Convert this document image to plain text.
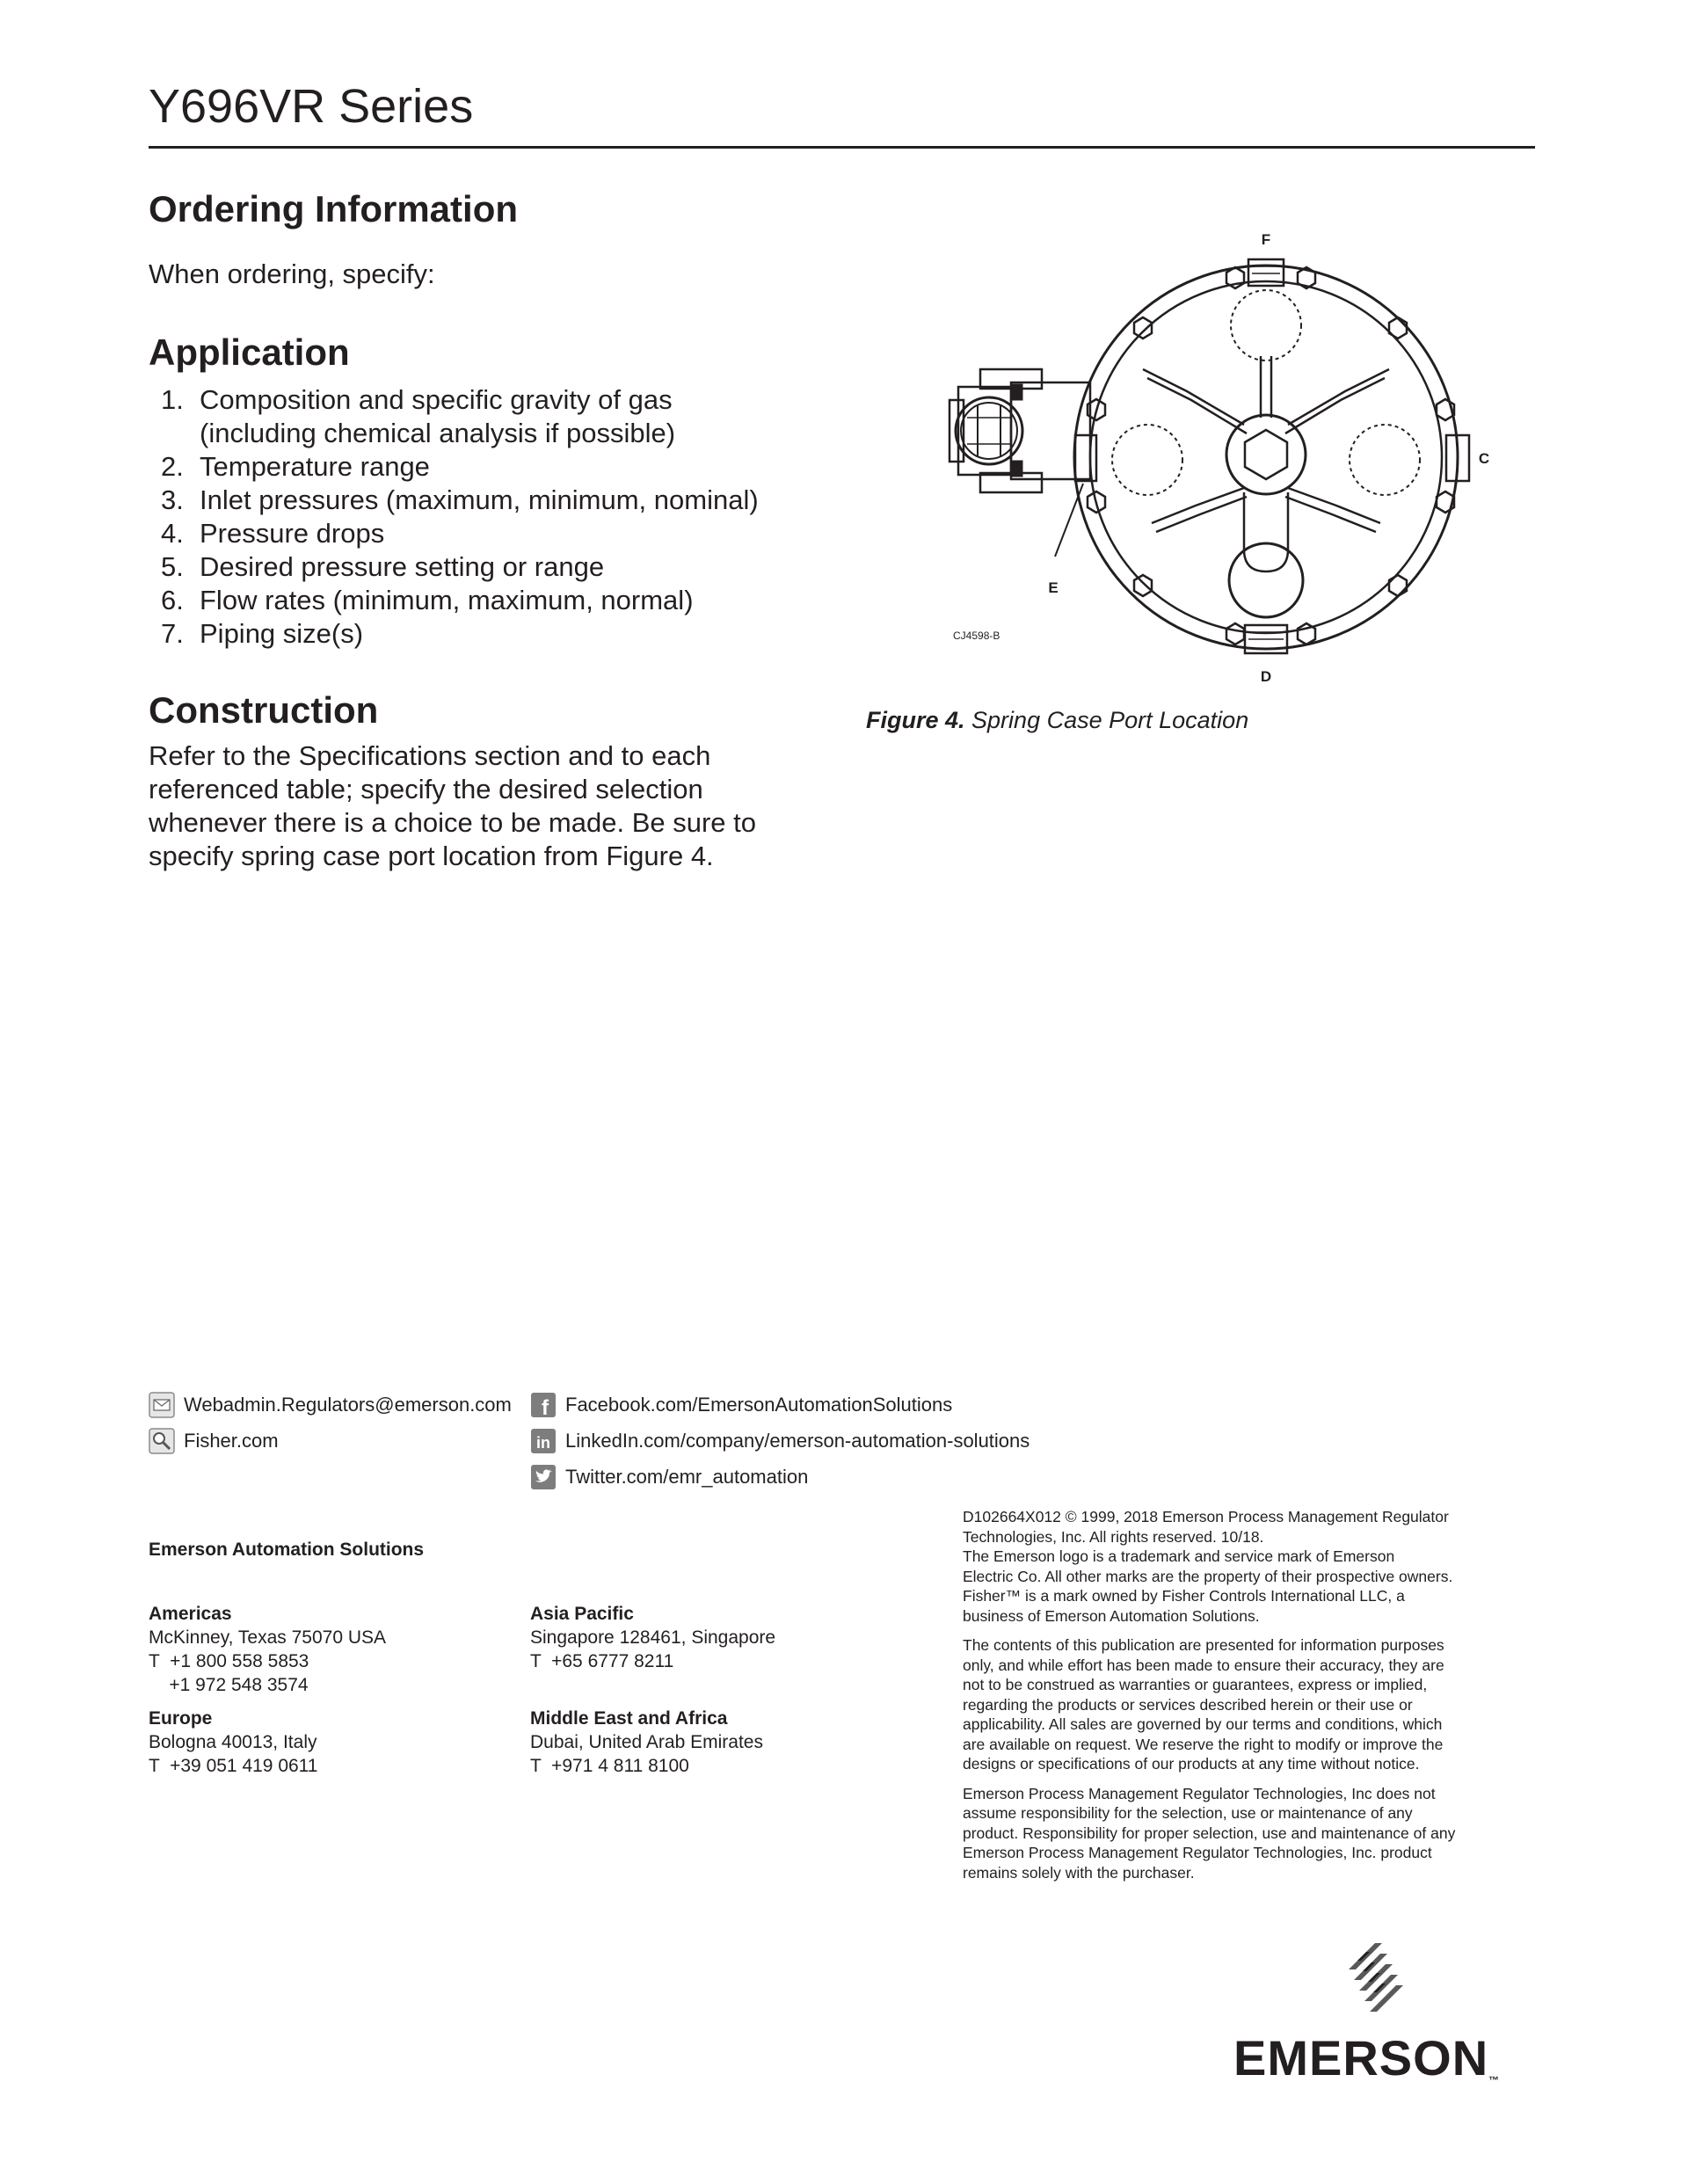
Y696VR Series
Ordering Information

When ordering, specify:

Application
1. Composition and specific gravity of gas
(including chemical analysis if possible)
2. Temperature range
3. Inlet pressures (maximum, minimum, nominal)
4. Pressure drops
5. Desired pressure setting or range
6. Flow rates (minimum, maximum, normal)
7. Piping size(s)
Construction

Refer to the Specifications section and to each
referenced table; specify the desired selection
whenever there is a choice to be made. Be sure to
specify spring case port location from Figure 4.

F
C
D
E
CJ4598-B
Figure 4. Spring Case Port Location
Webadmin.Regulators@emerson.com
Fisher.com
f Facebook.com/EmersonAutomationSolutions
in LinkedIn.com/company/emerson-automation-solutions
Twitter.com/emr_automation
Emerson Automation Solutions
Americas
McKinney, Texas 75070 USA
T  +1 800 558 5853
+1 972 548 3574
Europe
Bologna 40013, Italy
T  +39 051 419 0611
Asia Pacific
Singapore 128461, Singapore
T  +65 6777 8211
Middle East and Africa
Dubai, United Arab Emirates
T  +971 4 811 8100

D102664X012 © 1999, 2018 Emerson Process Management Regulator
Technologies, Inc. All rights reserved. 10/18.
The Emerson logo is a trademark and service mark of Emerson
Electric Co. All other marks are the property of their prospective owners.
Fisher™ is a mark owned by Fisher Controls International LLC, a
business of Emerson Automation Solutions.

The contents of this publication are presented for information purposes
only, and while effort has been made to ensure their accuracy, they are
not to be construed as warranties or guarantees, express or implied,
regarding the products or services described herein or their use or
applicability. All sales are governed by our terms and conditions, which
are available on request. We reserve the right to modify or improve the
designs or specifications of our products at any time without notice.

Emerson Process Management Regulator Technologies, Inc does not
assume responsibility for the selection, use or maintenance of any
product. Responsibility for proper selection, use and maintenance of any
Emerson Process Management Regulator Technologies, Inc. product
remains solely with the purchaser.

EMERSON™
